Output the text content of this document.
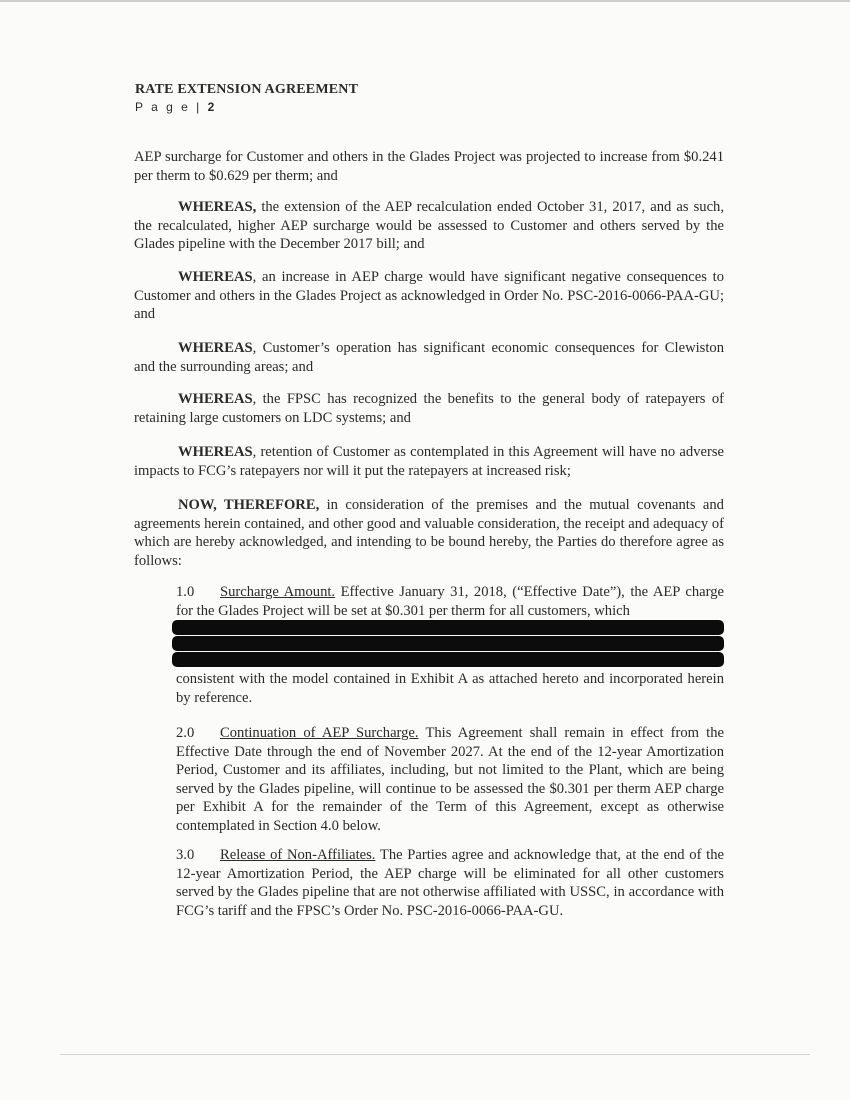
RATE EXTENSION AGREEMENT
P a g e | 2
AEP surcharge for Customer and others in the Glades Project was projected to increase from $0.241 per therm to $0.629 per therm; and
WHEREAS, the extension of the AEP recalculation ended October 31, 2017, and as such, the recalculated, higher AEP surcharge would be assessed to Customer and others served by the Glades pipeline with the December 2017 bill; and
WHEREAS, an increase in AEP charge would have significant negative consequences to Customer and others in the Glades Project as acknowledged in Order No. PSC-2016-0066-PAA-GU; and
WHEREAS, Customer’s operation has significant economic consequences for Clewiston and the surrounding areas; and
WHEREAS, the FPSC has recognized the benefits to the general body of ratepayers of retaining large customers on LDC systems; and
WHEREAS, retention of Customer as contemplated in this Agreement will have no adverse impacts to FCG’s ratepayers nor will it put the ratepayers at increased risk;
NOW, THEREFORE, in consideration of the premises and the mutual covenants and agreements herein contained, and other good and valuable consideration, the receipt and adequacy of which are hereby acknowledged, and intending to be bound hereby, the Parties do therefore agree as follows:
1.0 Surcharge Amount. Effective January 31, 2018, (“Effective Date”), the AEP charge for the Glades Project will be set at $0.301 per therm for all customers, which
consistent with the model contained in Exhibit A as attached hereto and incorporated herein by reference.
2.0 Continuation of AEP Surcharge. This Agreement shall remain in effect from the Effective Date through the end of November 2027. At the end of the 12-year Amortization Period, Customer and its affiliates, including, but not limited to the Plant, which are being served by the Glades pipeline, will continue to be assessed the $0.301 per therm AEP charge per Exhibit A for the remainder of the Term of this Agreement, except as otherwise contemplated in Section 4.0 below.
3.0 Release of Non-Affiliates. The Parties agree and acknowledge that, at the end of the 12-year Amortization Period, the AEP charge will be eliminated for all other customers served by the Glades pipeline that are not otherwise affiliated with USSC, in accordance with FCG’s tariff and the FPSC’s Order No. PSC-2016-0066-PAA-GU.
